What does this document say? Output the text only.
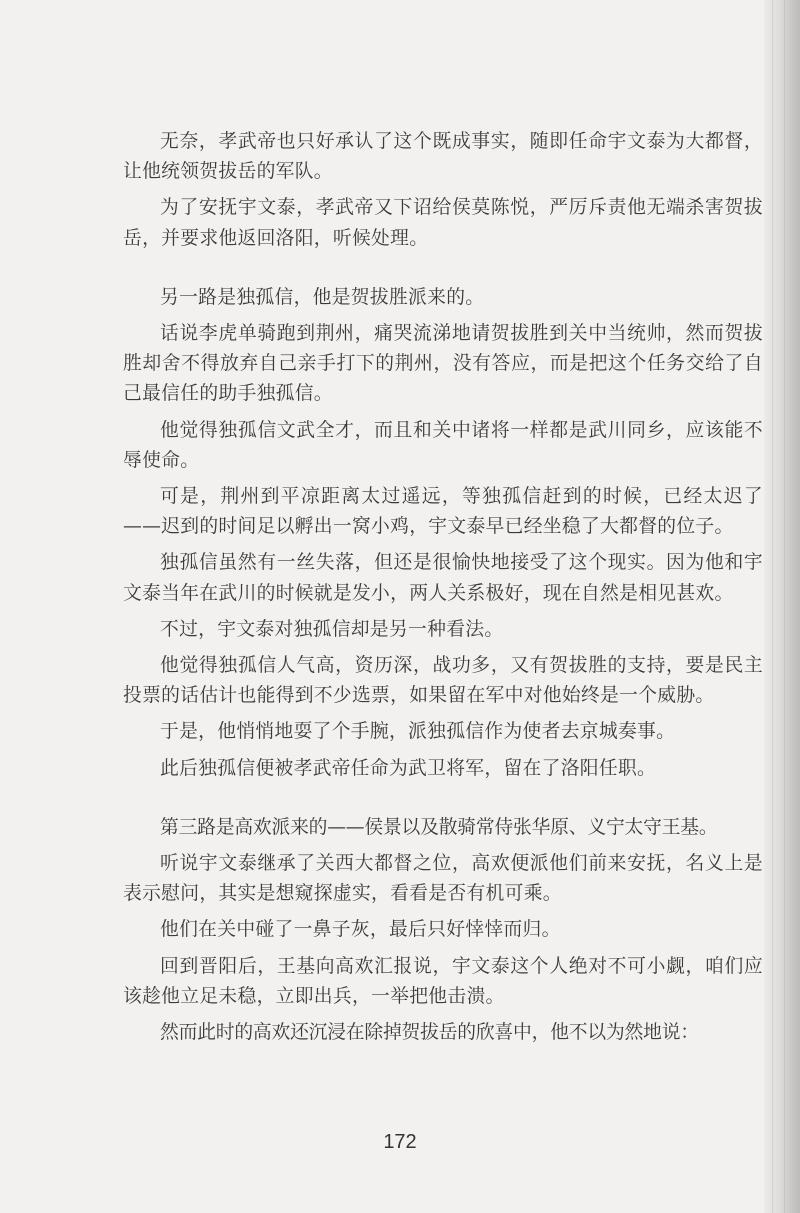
无奈，孝武帝也只好承认了这个既成事实，随即任命宇文泰为大都督，让他统领贺拔岳的军队。

为了安抚宇文泰，孝武帝又下诏给侯莫陈悦，严厉斥责他无端杀害贺拔岳，并要求他返回洛阳，听候处理。

另一路是独孤信，他是贺拔胜派来的。

话说李虎单骑跑到荆州，痛哭流涕地请贺拔胜到关中当统帅，然而贺拔胜却舍不得放弃自己亲手打下的荆州，没有答应，而是把这个任务交给了自己最信任的助手独孤信。

他觉得独孤信文武全才，而且和关中诸将一样都是武川同乡，应该能不辱使命。

可是，荆州到平凉距离太过遥远，等独孤信赶到的时候，已经太迟了——迟到的时间足以孵出一窝小鸡，宇文泰早已经坐稳了大都督的位子。

独孤信虽然有一丝失落，但还是很愉快地接受了这个现实。因为他和宇文泰当年在武川的时候就是发小，两人关系极好，现在自然是相见甚欢。

不过，宇文泰对独孤信却是另一种看法。

他觉得独孤信人气高，资历深，战功多，又有贺拔胜的支持，要是民主投票的话估计也能得到不少选票，如果留在军中对他始终是一个威胁。

于是，他悄悄地耍了个手腕，派独孤信作为使者去京城奏事。

此后独孤信便被孝武帝任命为武卫将军，留在了洛阳任职。

第三路是高欢派来的——侯景以及散骑常侍张华原、义宁太守王基。

听说宇文泰继承了关西大都督之位，高欢便派他们前来安抚，名义上是表示慰问，其实是想窥探虚实，看看是否有机可乘。

他们在关中碰了一鼻子灰，最后只好悻悻而归。

回到晋阳后，王基向高欢汇报说，宇文泰这个人绝对不可小觑，咱们应该趁他立足未稳，立即出兵，一举把他击溃。

然而此时的高欢还沉浸在除掉贺拔岳的欣喜中，他不以为然地说：

172
